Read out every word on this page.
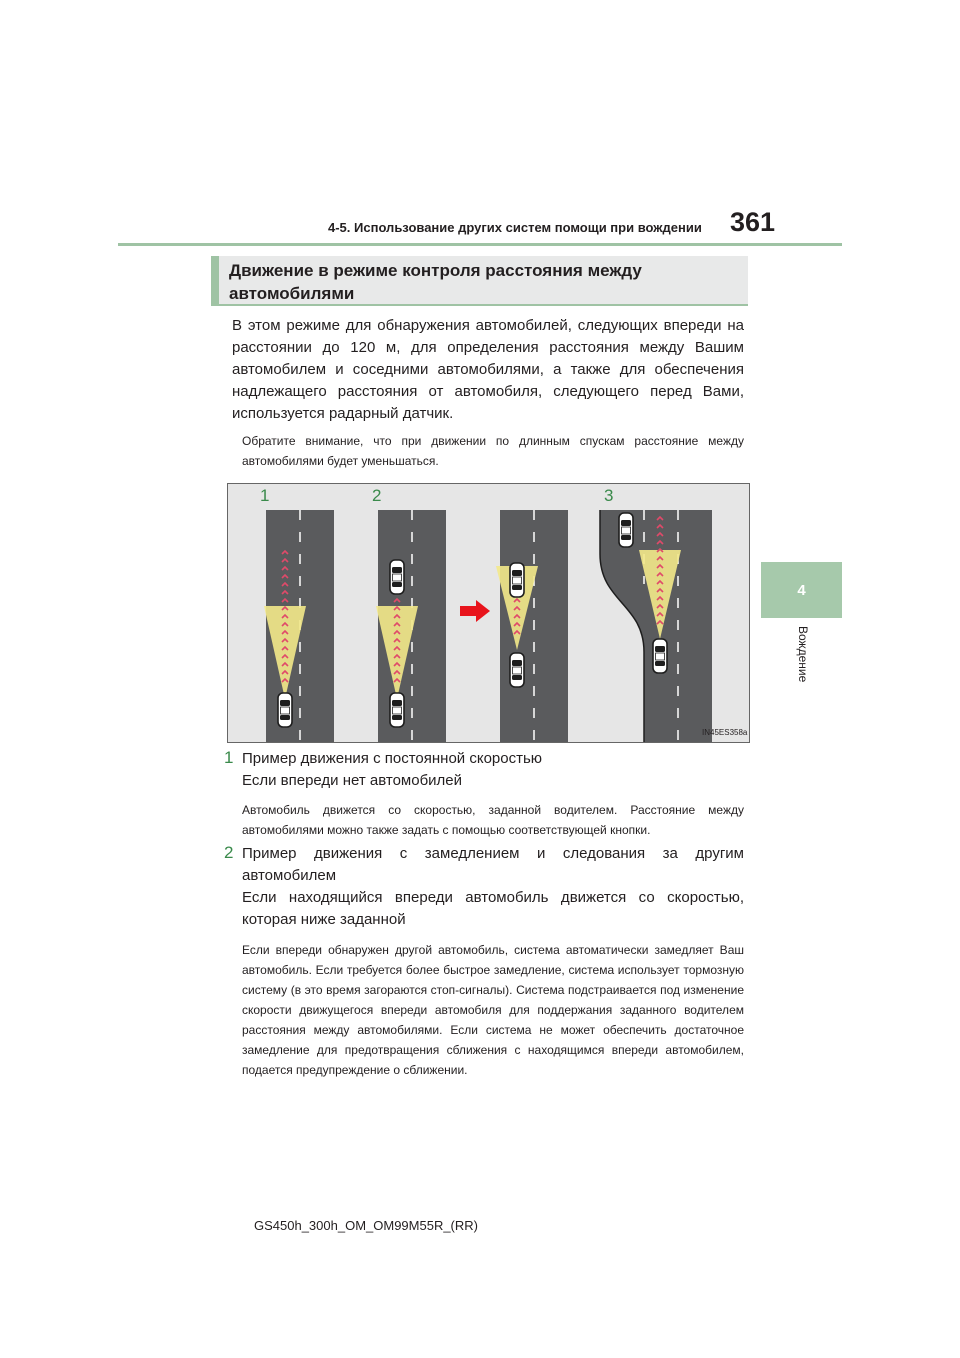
4-5. Использование других систем помощи при вождении 361
4
Вождение
Движение в режиме контроля расстояния между
автомобилями
В этом режиме для обнаружения автомобилей, следующих впереди на расстоянии до 120 м, для определения расстояния между Вашим автомобилем и соседними автомобилями, а также для обеспечения надлежащего расстояния от автомобиля, следующего перед Вами, используется радарный датчик.
Обратите внимание, что при движении по длинным спускам расстояние между автомобилями будет уменьшаться.
1	2	3
IN45ES358a
1 Пример движения с постоянной скоростью
Если впереди нет автомобилей
Автомобиль движется со скоростью, заданной водителем. Расстояние между автомобилями можно также задать с помощью соответствующей кнопки.
2 Пример движения с замедлением и следования за другим автомобилем
Если находящийся впереди автомобиль движется со скоростью, которая ниже заданной
Если впереди обнаружен другой автомобиль, система автоматически замедляет Ваш автомобиль. Если требуется более быстрое замедление, система использует тормозную систему (в это время загораются стоп-сигналы). Система подстраивается под изменение скорости движущегося впереди автомобиля для поддержания заданного водителем расстояния между автомобилями. Если система не может обеспечить достаточное замедление для предотвращения сближения с находящимся впереди автомобилем, подается предупреждение о сближении.
GS450h_300h_OM_OM99M55R_(RR)
